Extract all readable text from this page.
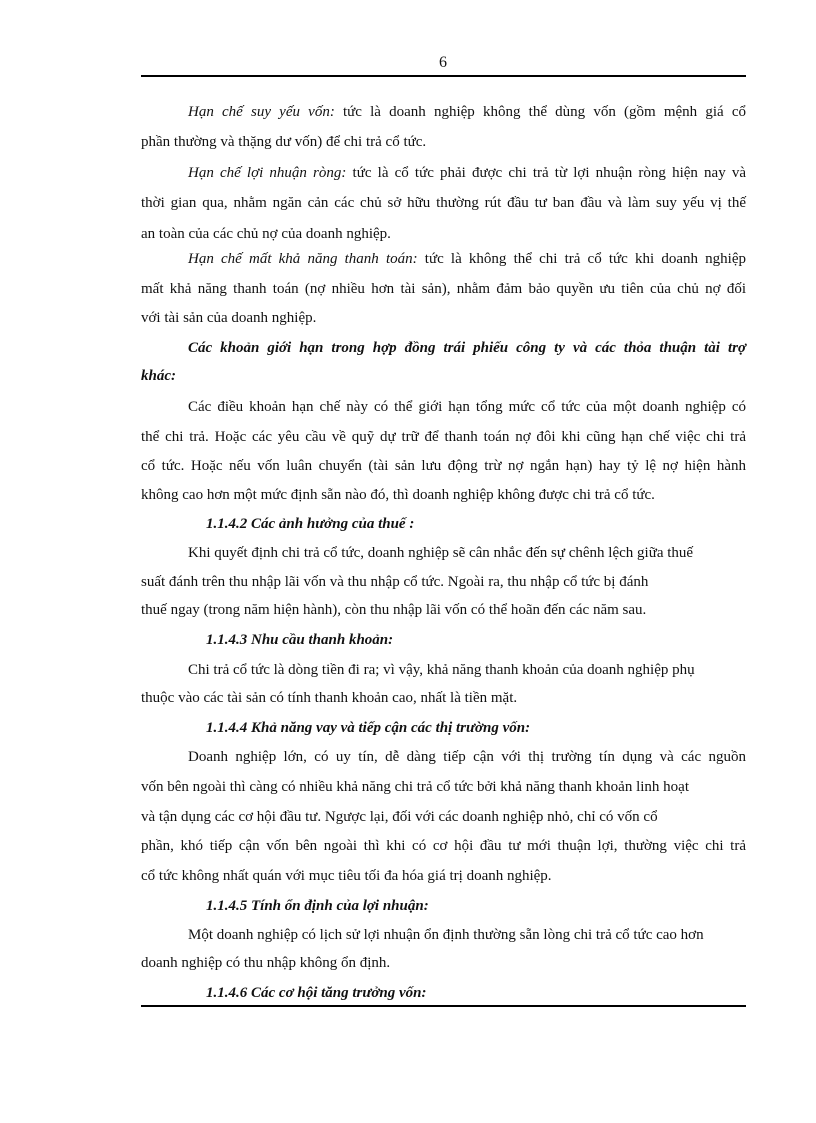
6
Hạn chế suy yếu vốn: tức là doanh nghiệp không thể dùng vốn (gồm mệnh giá cổ
phần thường và thặng dư vốn) để chi trả cổ tức.
Hạn chế lợi nhuận ròng: tức là cổ tức phải được chi trả từ lợi nhuận ròng hiện nay và
thời gian qua, nhằm ngăn cản các chủ sở hữu thường rút đầu tư ban đầu và làm suy yếu vị thế
an toàn của các chủ nợ của doanh nghiệp.
Hạn chế mất khả năng thanh toán: tức là không thể chi trả cổ tức khi doanh nghiệp
mất khả năng thanh toán (nợ nhiều hơn tài sản), nhằm đảm bảo quyền ưu tiên của chủ nợ đối
với tài sản của doanh nghiệp.
Các khoản giới hạn trong hợp đồng trái phiếu công ty và các thỏa thuận tài trợ
khác:
Các điều khoản hạn chế này có thể giới hạn tổng mức cổ tức của một doanh nghiệp có
thể chi trả. Hoặc các yêu cầu về quỹ dự trữ để thanh toán nợ đôi khi cũng hạn chế việc chi trả
cổ tức. Hoặc nếu vốn luân chuyển (tài sản lưu động trừ nợ ngắn hạn) hay tỷ lệ nợ hiện hành
không cao hơn một mức định sẵn nào đó, thì doanh nghiệp không được chi trả cổ tức.
1.1.4.2 Các ảnh hưởng của thuế :
Khi quyết định chi trả cổ tức, doanh nghiệp sẽ cân nhắc đến sự chênh lệch giữa thuế
suất đánh trên thu nhập lãi vốn và thu nhập cổ tức. Ngoài ra, thu nhập cổ tức bị đánh
thuế ngay (trong năm hiện hành), còn thu nhập lãi vốn có thể hoãn đến các năm sau.
1.1.4.3 Nhu cầu thanh khoản:
Chi trả cổ tức là dòng tiền đi ra; vì vậy, khả năng thanh khoản của doanh nghiệp phụ
thuộc vào các tài sản có tính thanh khoản cao, nhất là tiền mặt.
1.1.4.4 Khả năng vay và tiếp cận các thị trường vốn:
Doanh nghiệp lớn, có uy tín, dễ dàng tiếp cận với thị trường tín dụng và các nguồn
vốn bên ngoài thì càng có nhiều khả năng chi trả cổ tức bởi khả năng thanh khoản linh hoạt
và tận dụng các cơ hội đầu tư. Ngược lại, đối với các doanh nghiệp nhỏ, chỉ có vốn cổ
phần, khó tiếp cận vốn bên ngoài thì khi có cơ hội đầu tư mới thuận lợi, thường việc chi trả
cổ tức không nhất quán với mục tiêu tối đa hóa giá trị doanh nghiệp.
1.1.4.5 Tính ổn định của lợi nhuận:
Một doanh nghiệp có lịch sử lợi nhuận ổn định thường sẵn lòng chi trả cổ tức cao hơn
doanh nghiệp có thu nhập không ổn định.
1.1.4.6 Các cơ hội tăng trưởng vốn:
